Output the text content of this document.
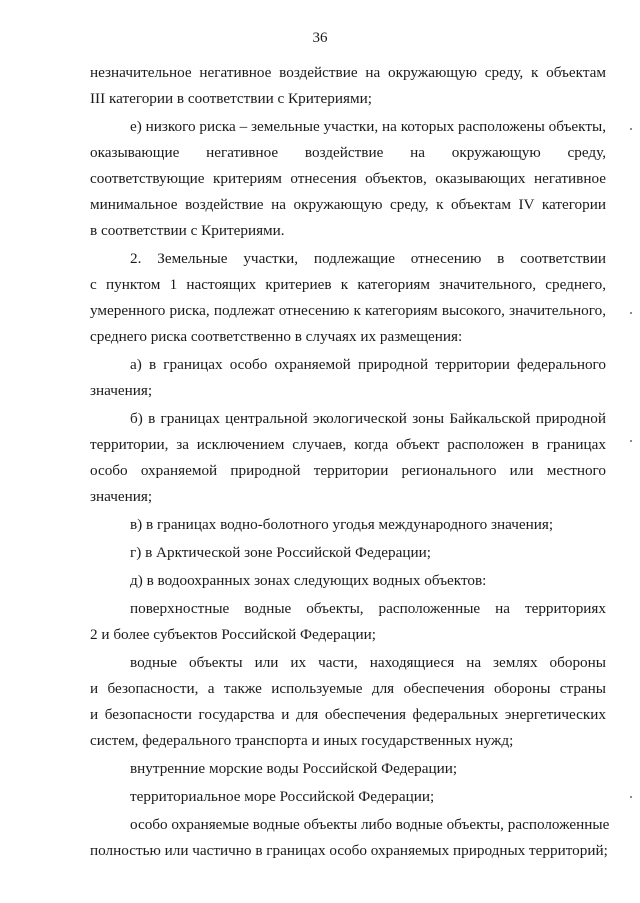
36

незначительное негативное воздействие на окружающую среду, к объектам
III категории в соответствии с Критериями;

е) низкого риска – земельные участки, на которых расположены объекты,
оказывающие негативное воздействие на окружающую среду,
соответствующие критериям отнесения объектов, оказывающих негативное
минимальное воздействие на окружающую среду, к объектам IV категории
в соответствии с Критериями.

2. Земельные участки, подлежащие отнесению в соответствии
с пунктом 1 настоящих критериев к категориям значительного, среднего,
умеренного риска, подлежат отнесению к категориям высокого, значительного,
среднего риска соответственно в случаях их размещения:

а) в границах особо охраняемой природной территории федерального
значения;

б) в границах центральной экологической зоны Байкальской природной
территории, за исключением случаев, когда объект расположен в границах
особо охраняемой природной территории регионального или местного
значения;

в) в границах водно-болотного угодья международного значения;

г) в Арктической зоне Российской Федерации;

д) в водоохранных зонах следующих водных объектов:

поверхностные водные объекты, расположенные на территориях
2 и более субъектов Российской Федерации;

водные объекты или их части, находящиеся на землях обороны
и безопасности, а также используемые для обеспечения обороны страны
и безопасности государства и для обеспечения федеральных энергетических
систем, федерального транспорта и иных государственных нужд;

внутренние морские воды Российской Федерации;

территориальное море Российской Федерации;

особо охраняемые водные объекты либо водные объекты, расположенные
полностью или частично в границах особо охраняемых природных территорий;
